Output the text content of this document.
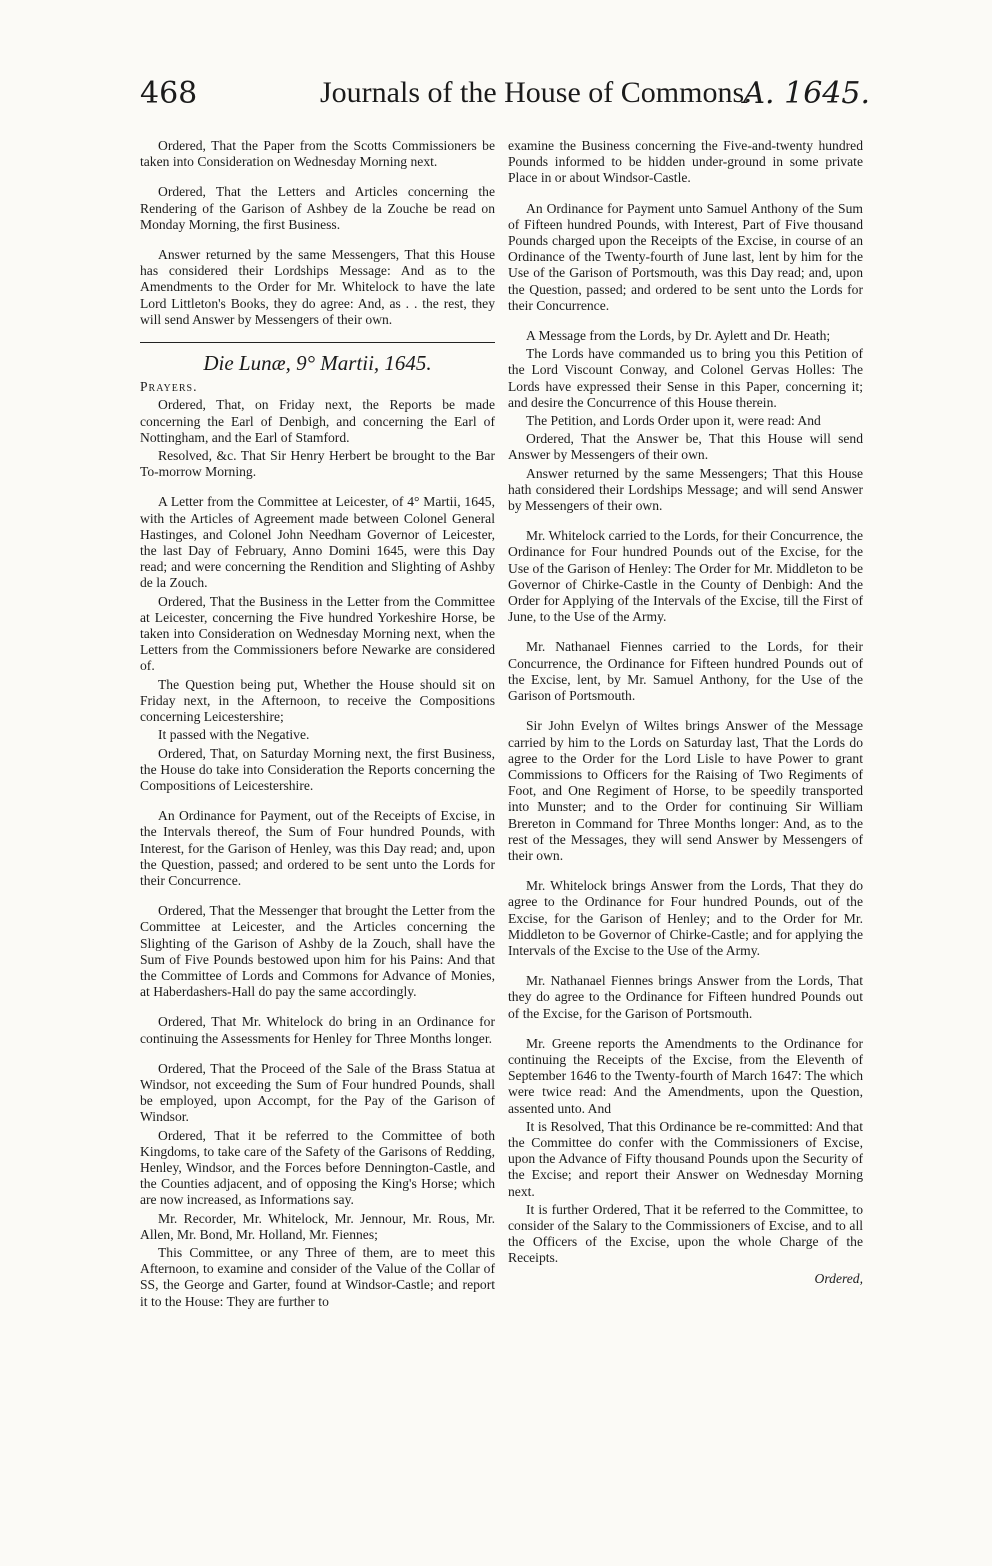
468	Journals of the House of Commons.
A. 1645.

Ordered, That the Paper from the Scotts Commissioners be taken into Consideration on Wednesday Morning next.

Ordered, That the Letters and Articles concerning the Rendering of the Garison of Ashbey de la Zouche be read on Monday Morning, the first Business.

Answer returned by the same Messengers, That this House has considered their Lordships Message: And as to the Amendments to the Order for Mr. Whitelock to have the late Lord Littleton's Books, they do agree: And, as . . the rest, they will send Answer by Messengers of their own.

Die Lunæ, 9° Martii, 1645.
Prayers.

Ordered, That, on Friday next, the Reports be made concerning the Earl of Denbigh, and concerning the Earl of Nottingham, and the Earl of Stamford.

Resolved, &c. That Sir Henry Herbert be brought to the Bar To-morrow Morning.

A Letter from the Committee at Leicester, of 4° Martii, 1645, with the Articles of Agreement made between Colonel General Hastinges, and Colonel John Needham Governor of Leicester, the last Day of February, Anno Domini 1645, were this Day read; and were concerning the Rendition and Slighting of Ashby de la Zouch.

Ordered, That the Business in the Letter from the Committee at Leicester, concerning the Five hundred Yorkeshire Horse, be taken into Consideration on Wednesday Morning next, when the Letters from the Commissioners before Newarke are considered of.

The Question being put, Whether the House should sit on Friday next, in the Afternoon, to receive the Compositions concerning Leicestershire;

It passed with the Negative.

Ordered, That, on Saturday Morning next, the first Business, the House do take into Consideration the Reports concerning the Compositions of Leicestershire.

An Ordinance for Payment, out of the Receipts of Excise, in the Intervals thereof, the Sum of Four hundred Pounds, with Interest, for the Garison of Henley, was this Day read; and, upon the Question, passed; and ordered to be sent unto the Lords for their Concurrence.

Ordered, That the Messenger that brought the Letter from the Committee at Leicester, and the Articles concerning the Slighting of the Garison of Ashby de la Zouch, shall have the Sum of Five Pounds bestowed upon him for his Pains: And that the Committee of Lords and Commons for Advance of Monies, at Haberdashers-Hall do pay the same accordingly.

Ordered, That Mr. Whitelock do bring in an Ordinance for continuing the Assessments for Henley for Three Months longer.

Ordered, That the Proceed of the Sale of the Brass Statua at Windsor, not exceeding the Sum of Four hundred Pounds, shall be employed, upon Accompt, for the Pay of the Garison of Windsor.

Ordered, That it be referred to the Committee of both Kingdoms, to take care of the Safety of the Garisons of Redding, Henley, Windsor, and the Forces before Dennington-Castle, and the Counties adjacent, and of opposing the King's Horse; which are now increased, as Informations say.

Mr. Recorder, Mr. Whitelock, Mr. Jennour, Mr. Rous, Mr. Allen, Mr. Bond, Mr. Holland, Mr. Fiennes;

This Committee, or any Three of them, are to meet this Afternoon, to examine and consider of the Value of the Collar of SS, the George and Garter, found at Windsor-Castle; and report it to the House: They are further to

examine the Business concerning the Five-and-twenty hundred Pounds informed to be hidden under-ground in some private Place in or about Windsor-Castle.

An Ordinance for Payment unto Samuel Anthony of the Sum of Fifteen hundred Pounds, with Interest, Part of Five thousand Pounds charged upon the Receipts of the Excise, in course of an Ordinance of the Twenty-fourth of June last, lent by him for the Use of the Garison of Portsmouth, was this Day read; and, upon the Question, passed; and ordered to be sent unto the Lords for their Concurrence.

A Message from the Lords, by Dr. Aylett and Dr. Heath;

The Lords have commanded us to bring you this Petition of the Lord Viscount Conway, and Colonel Gervas Holles: The Lords have expressed their Sense in this Paper, concerning it; and desire the Concurrence of this House therein.

The Petition, and Lords Order upon it, were read: And

Ordered, That the Answer be, That this House will send Answer by Messengers of their own.

Answer returned by the same Messengers; That this House hath considered their Lordships Message; and will send Answer by Messengers of their own.

Mr. Whitelock carried to the Lords, for their Concurrence, the Ordinance for Four hundred Pounds out of the Excise, for the Use of the Garison of Henley: The Order for Mr. Middleton to be Governor of Chirke-Castle in the County of Denbigh: And the Order for Applying of the Intervals of the Excise, till the First of June, to the Use of the Army.

Mr. Nathanael Fiennes carried to the Lords, for their Concurrence, the Ordinance for Fifteen hundred Pounds out of the Excise, lent, by Mr. Samuel Anthony, for the Use of the Garison of Portsmouth.

Sir John Evelyn of Wiltes brings Answer of the Message carried by him to the Lords on Saturday last, That the Lords do agree to the Order for the Lord Lisle to have Power to grant Commissions to Officers for the Raising of Two Regiments of Foot, and One Regiment of Horse, to be speedily transported into Munster; and to the Order for continuing Sir William Brereton in Command for Three Months longer: And, as to the rest of the Messages, they will send Answer by Messengers of their own.

Mr. Whitelock brings Answer from the Lords, That they do agree to the Ordinance for Four hundred Pounds, out of the Excise, for the Garison of Henley; and to the Order for Mr. Middleton to be Governor of Chirke-Castle; and for applying the Intervals of the Excise to the Use of the Army.

Mr. Nathanael Fiennes brings Answer from the Lords, That they do agree to the Ordinance for Fifteen hundred Pounds out of the Excise, for the Garison of Portsmouth.

Mr. Greene reports the Amendments to the Ordinance for continuing the Receipts of the Excise, from the Eleventh of September 1646 to the Twenty-fourth of March 1647: The which were twice read: And the Amendments, upon the Question, assented unto. And

It is Resolved, That this Ordinance be re-committed: And that the Committee do confer with the Commissioners of Excise, upon the Advance of Fifty thousand Pounds upon the Security of the Excise; and report their Answer on Wednesday Morning next.

It is further Ordered, That it be referred to the Committee, to consider of the Salary to the Commissioners of Excise, and to all the Officers of the Excise, upon the whole Charge of the Receipts.

Ordered,
